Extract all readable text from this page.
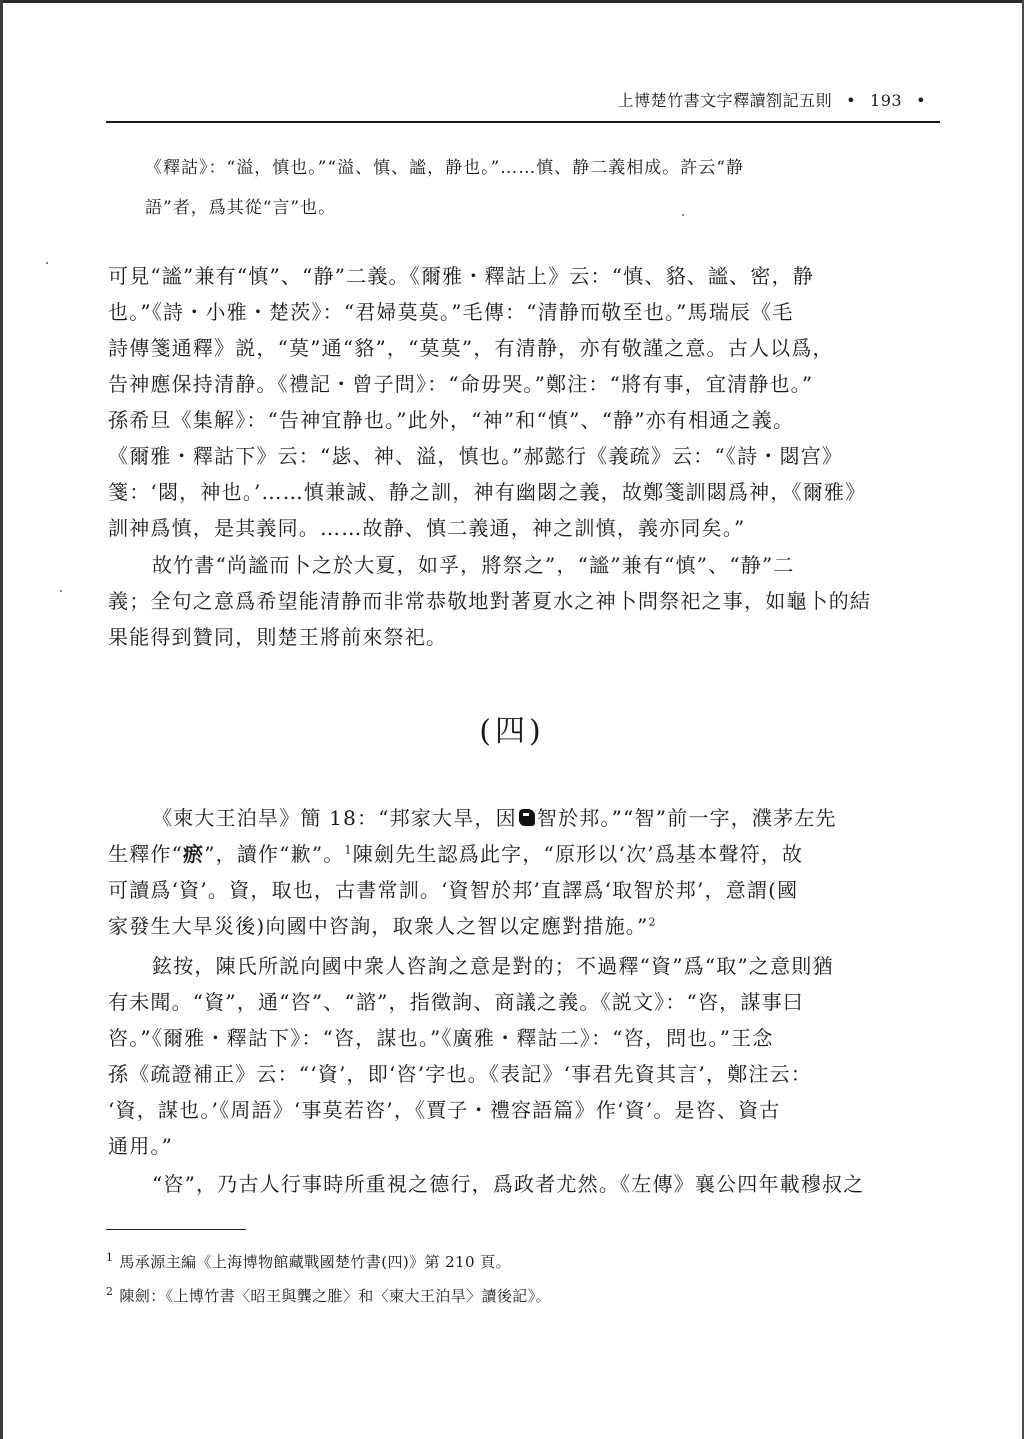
上博楚竹書文字釋讀劄記五則 • 193 •
《釋詁》：“溢，慎也。”“溢、慎、謐，静也。”……慎、静二義相成。許云“静
語”者，爲其從“言”也。
可見“謐”兼有“慎”、“静”二義。《爾雅・釋詁上》云：“慎、貉、謐、密，静
也。”《詩・小雅・楚茨》：“君婦莫莫。”毛傳：“清静而敬至也。”馬瑞辰《毛
詩傳箋通釋》説，“莫”通“貉”，“莫莫”，有清静，亦有敬謹之意。古人以爲，
告神應保持清静。《禮記・曾子問》：“命毋哭。”鄭注：“將有事，宜清静也。”
孫希旦《集解》：“告神宜静也。”此外，“神”和“慎”、“静”亦有相通之義。
《爾雅・釋詁下》云：“毖、神、溢，慎也。”郝懿行《義疏》云：“《詩・閟宫》
箋：‘閟，神也。’……慎兼誠、静之訓，神有幽閟之義，故鄭箋訓閟爲神，《爾雅》
訓神爲慎，是其義同。……故静、慎二義通，神之訓慎，義亦同矣。”
故竹書“尚謐而卜之於大夏，如孚，將祭之”，“謐”兼有“慎”、“静”二
義；全句之意爲希望能清静而非常恭敬地對著夏水之神卜問祭祀之事，如龜卜的結
果能得到贊同，則楚王將前來祭祀。
(四)
《柬大王泊旱》簡 18：“邦家大旱，因 智於邦。”“智”前一字，濮茅左先
生釋作“瘀”，讀作“歉”。$^1$陳劍先生認爲此字，“原形以‘次’爲基本聲符，故
可讀爲‘資’。資，取也，古書常訓。‘資智於邦’直譯爲‘取智於邦’，意謂(國
家發生大旱災後)向國中咨詢，取衆人之智以定應對措施。”$^2$
鉉按，陳氏所説向國中衆人咨詢之意是對的；不過釋“資”爲“取”之意則猶
有未聞。“資”，通“咨”、“諮”，指徵詢、商議之義。《説文》：“咨，謀事曰
咨。”《爾雅・釋詁下》：“咨，謀也。”《廣雅・釋詁二》：“咨，問也。”王念
孫《疏證補正》云：“‘資’，即‘咨’字也。《表記》‘事君先資其言’，鄭注云：
‘資，謀也。’《周語》‘事莫若咨’，《賈子・禮容語篇》作‘資’。是咨、資古
通用。”
“咨”，乃古人行事時所重視之德行，爲政者尤然。《左傳》襄公四年載穆叔之
$^1$ 馬承源主編《上海博物館藏戰國楚竹書(四)》第 210 頁。
$^2$ 陳劍：《上博竹書〈昭王與龔之脽〉和〈柬大王泊旱〉讀後記》。
